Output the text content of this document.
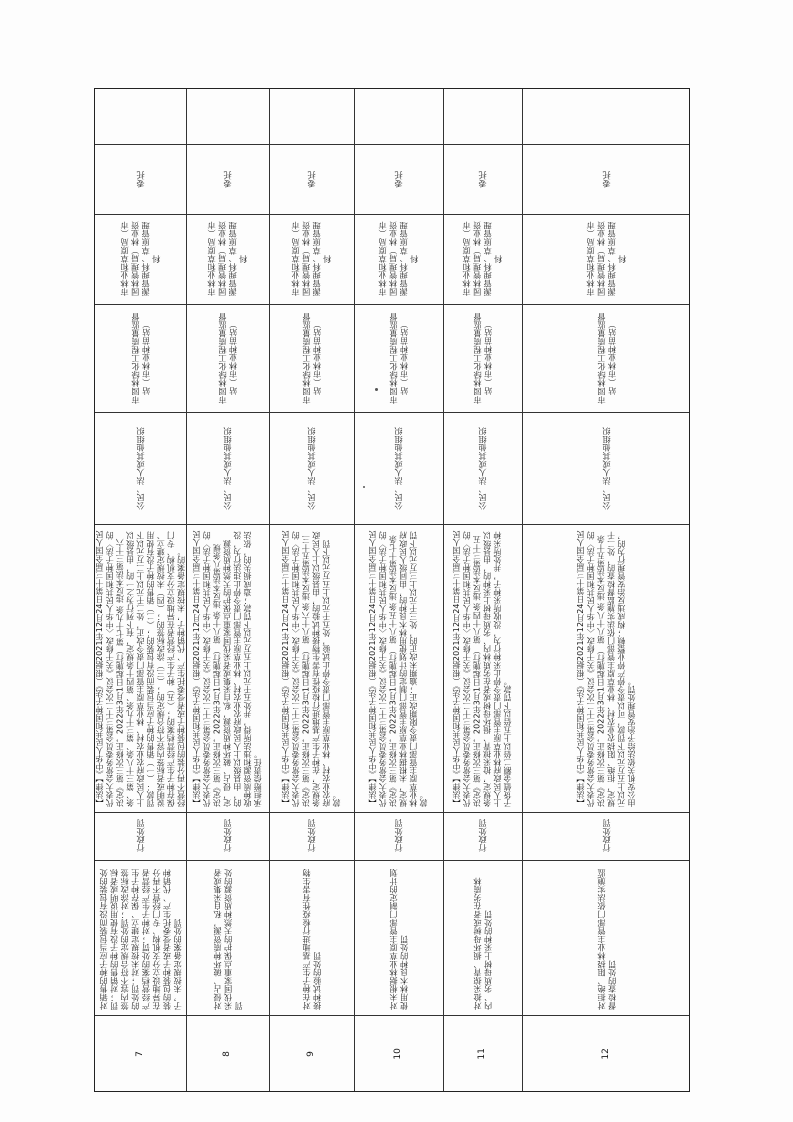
7
对销售的种子应当包装而没有包装的处罚；对销售的种子没有使用说明或者标签内容不符合规定的处罚；对涂改标签的处罚；对未按规定建立、保存种子生产经营档案的处罚；对种子生产经营者在异地设立分支机构、专门经营不再分装的包装种子或者受委托生产、代销种子，未按规定备案的处罚
行政处罚
【法律】《中华人民共和国种子法》（根据2021年12月24日第十三届全国人民代表大会常务委员会第三十二次会议《关于修改〈中华人民共和国种子法〉的决定》第三次修正，2022年3月1日起施行）第七十九条 违反本法第三十六条、第三十八条、第三十九条、第四十条规定，有下列行为之一的，由县级以上人民政府农业农村、林业草原主管部门责令改正，处二千元以上二万元以下罚款：（一）销售的种子应当包装而没有包装的；（二）销售的种子没有使用说明或者标签内容不符合规定的；（三）涂改标签的；（四）未按规定建立、保存种子生产经营档案的；（五）种子生产经营者在异地设立分支机构、专门经营不再分装的包装种子或者受委托生产、代销种子，未按规定备案的。
公民、法人或其他组织
市园林绿化工程质量监督站（市林业种苗站）
市林业和草原局（市园林管理局）林业资源管理科、草原管理科
委托
8
对侵占、破坏种质资源，私自采集或者采伐国家重点保护的天然种质资源的处罚
行政处罚
【法律】《中华人民共和国种子法》（根据2021年12月24日第十三届全国人民代表大会常务委员会第三十二次会议《关于修改〈中华人民共和国种子法〉的决定》第三次修正，2022年3月1日起施行） 第八十条 违反本法第八条规定，侵占、破坏种质资源，私自采集或者采伐国家重点保护的天然种质资源的，由县级以上人民政府农业农村、林业草原主管部门责令停止违法行为，没收种质资源和违法所得，并处五千元以上五万元以下罚款；造成损失的，依法承担赔偿责任。
公民、法人或其他组织
市园林绿化工程质量监督站（市林业种苗站）
市林业和草原局（市园林管理局）林业资源管理科、草原管理科
委托
9
对在种子生产基地进行检疫性有害生物接种试验的处罚
行政处罚
【法律】《中华人民共和国种子法》（根据2021年12月24日第十三届全国人民代表大会常务委员会第三十二次会议《关于修改〈中华人民共和国种子法〉的决定》第三次修正，2022年3月1日起施行） 第八十六条 违反本法第五十三条规定，在种子生产基地进行检疫性有害生物接种试验的，由县级以上人民政府农业农村、林业草原主管部门责令停止试验，处五千元以上五万元以下罚款。
公民、法人或其他组织
市园林绿化工程质量监督站（市林业种苗站）
市林业和草原局（市园林管理局）林业资源管理科、草原管理科
委托
10
对未根据林业草原主管部门制定的计划使用林木良种的处罚
行政处罚
【法律】《中华人民共和国种子法》（根据2021年12月24日第十三届全国人民代表大会常务委员会第三十二次会议《关于修改〈中华人民共和国种子法〉的决定》第三次修正，2022年3月1日起施行） 第八十五条 违反本法第十七条规定，未根据林业草原主管部门制定的计划使用林木良种的，由同级人民政府林业草原主管部门责令限期改正；逾期未改正的，处三千元以上三万元以下罚款。
公民、法人或其他组织
市园林绿化工程质量监督站（市林业种苗站）
市林业和草原局（市园林管理局）林业资源管理科、草原管理科
委托
11
对抢采掠青、损坏母树或者在劣质林内、劣质母树上采种的处罚
行政处罚
【法律】《中华人民共和国种子法》（根据2021年12月24日第十三届全国人民代表大会常务委员会第三十二次会议《关于修改〈中华人民共和国种子法〉的决定》第三次修正，2022年3月1日起施行） 第八十四条 违反本法第三十五条规定，抢采掠青、损坏母树或者在劣质林内、劣质母树上采种的，由县级以上人民政府林业草原主管部门责令停止采种行为，没收所采种子，并处所采种子货值金额二倍以上五倍以下罚款。
公民、法人或其他组织
市园林绿化工程质量监督站（市林业种苗站）
市林业和草原局（市园林管理局）林业资源管理科、草原管理科
委托
12
对拒绝、阻挠林业主管部门依法实施监督检查的处罚
行政处罚
【法律】《中华人民共和国种子法》（根据2021年12月24日第十三届全国人民代表大会常务委员会第三十二次会议《关于修改〈中华人民共和国种子法〉的决定》第三次修正，2022年3月1日起施行） 第八十八条 违反本法第五十条规定，拒绝、阻挠农业农村、林业草原主管部门依法实施监督检查的，处二千元以上五万元以下罚款，可以责令停产停业整顿；构成违反治安管理行为的，由公安机关依法给予治安管理处罚。
公民、法人或其他组织
市园林绿化工程质量监督站（市林业种苗站）
市林业和草原局（市园林管理局）林业资源管理科、草原管理科
委托
